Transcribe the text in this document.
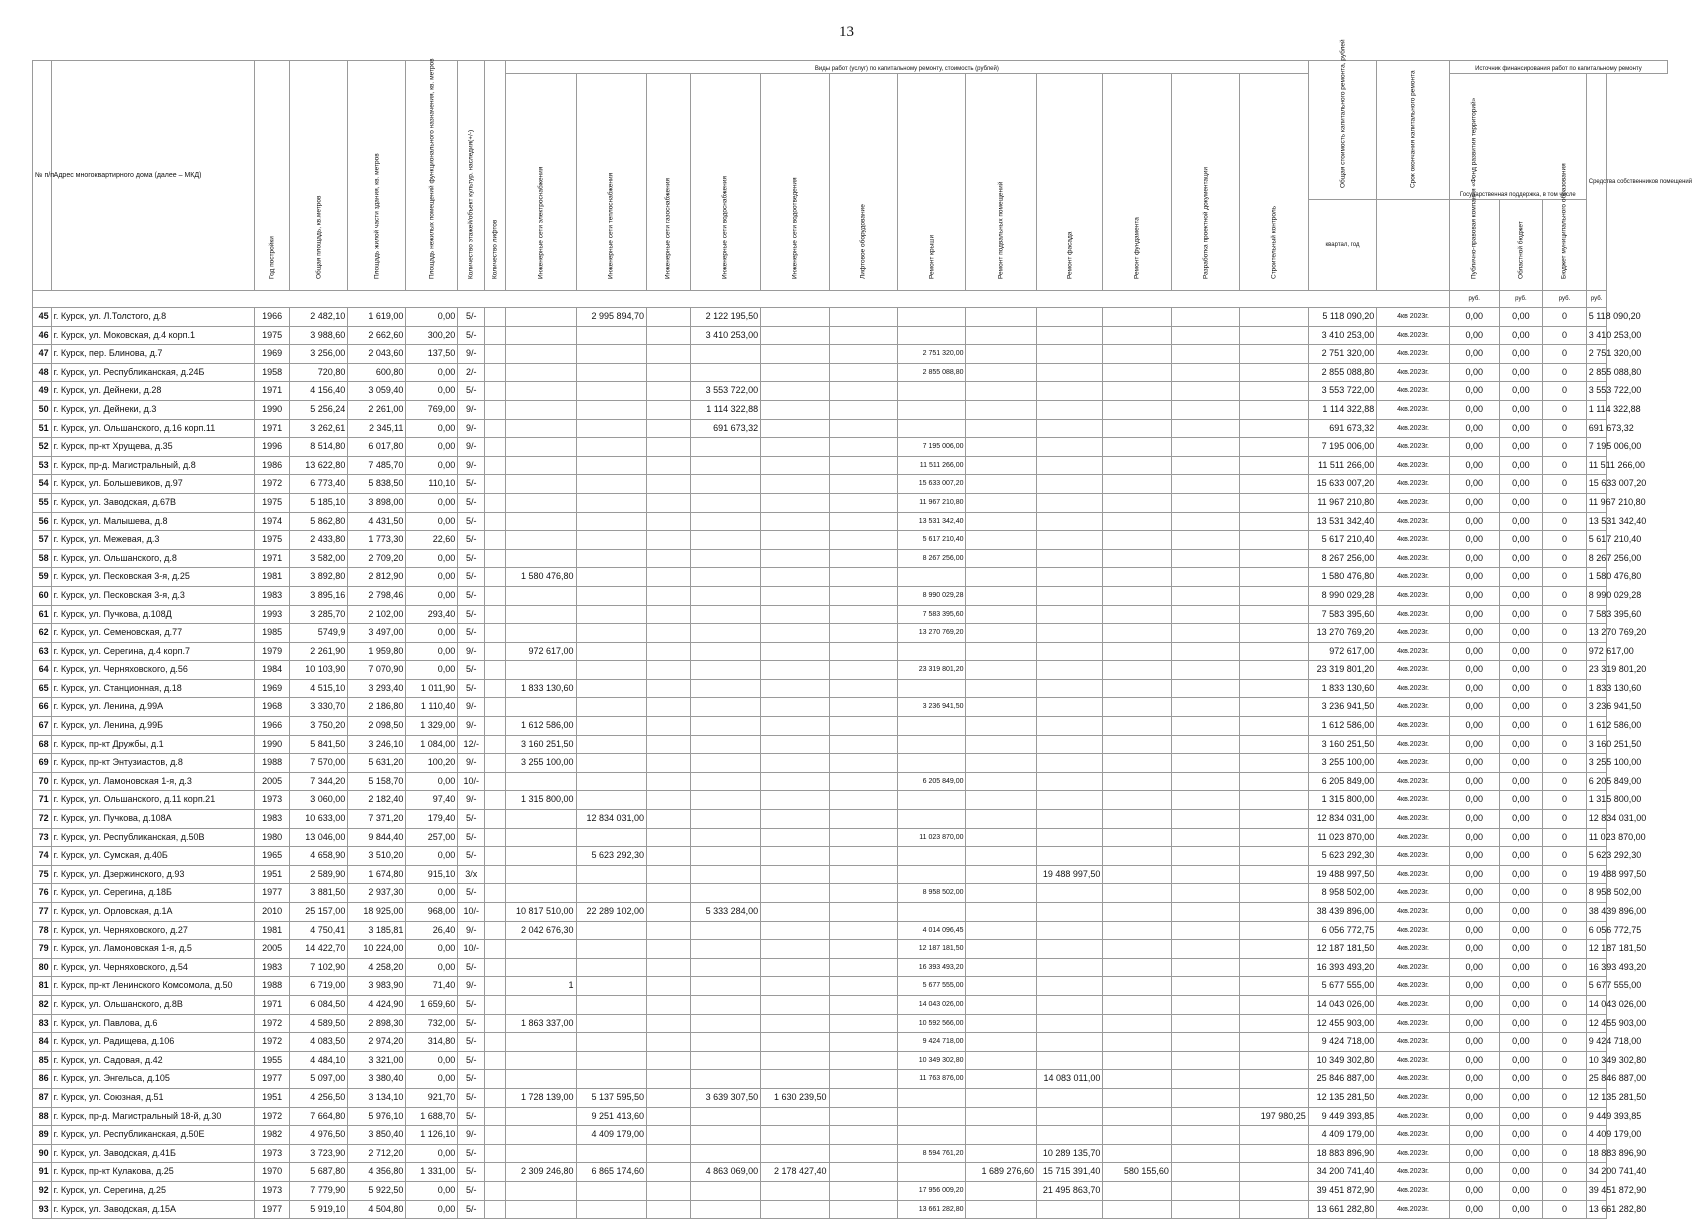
13
№ п/п	Адрес многоквартирного дома (далее – МКД)	Год постройки	Общая площадь, кв.метров	Площадь жилой части здания, кв. метров	Площадь нежилых помещений функционального назначения, кв. метров	Количество этажей/объект культур. наследия(+/-)	Количество лифтов	Виды работ (услуг) по капитальному ремонту, стоимость (рублей)												Общая стоимость капитального ремонта, рублей	Срок окончания капитального ремонта	Источник финансирования работ по капитальному ремонту			

								Инженерные сети электроснабжения	Инженерные сети теплоснабжения	Инженерные сети газоснабжения	Инженерные сети водоснабжения	Инженерные сети водоотведения	Лифтовое оборудование	Ремонт крыши	Ремонт подвальных помещений	Ремонт фасада	Ремонт фундамента	Разработка проектной документации	Строительный контроль			Государственная поддержка, в том числе			Средства собственников помещений
																				квартал, год		Публично-правовая компания «Фонд развития территорий»	Областной бюджет	Бюджет муниципального образования	

																						руб.	руб.	руб.	руб.
45	г. Курск, ул. Л.Толстого, д.8	1966	2 482,10	1 619,00	0,00	5/-			2 995 894,70		2 122 195,50									5 118 090,20	4кв 2023г.	0,00	0,00	0	5 118 090,20
46	г. Курск, ул. Моковская, д.4 корп.1	1975	3 988,60	2 662,60	300,20	5/-					3 410 253,00									3 410 253,00	4кв.2023г.	0,00	0,00	0	3 410 253,00
47	г. Курск, пер. Блинова, д.7	1969	3 256,00	2 043,60	137,50	9/-								2 751 320,00						2 751 320,00	4кв.2023г.	0,00	0,00	0	2 751 320,00
48	г. Курск, ул. Республиканская, д.24Б	1958	720,80	600,80	0,00	2/-								2 855 088,80						2 855 088,80	4кв.2023г.	0,00	0,00	0	2 855 088,80
49	г. Курск, ул. Дейнеки, д.28	1971	4 156,40	3 059,40	0,00	5/-					3 553 722,00									3 553 722,00	4кв.2023г.	0,00	0,00	0	3 553 722,00
50	г. Курск, ул. Дейнеки, д.3	1990	5 256,24	2 261,00	769,00	9/-					1 114 322,88									1 114 322,88	4кв.2023г.	0,00	0,00	0	1 114 322,88
51	г. Курск, ул. Ольшанского, д.16 корп.11	1971	3 262,61	2 345,11	0,00	9/-					691 673,32									691 673,32	4кв.2023г.	0,00	0,00	0	691 673,32
52	г. Курск, пр-кт Хрущева, д.35	1996	8 514,80	6 017,80	0,00	9/-								7 195 006,00						7 195 006,00	4кв.2023г.	0,00	0,00	0	7 195 006,00
53	г. Курск, пр-д. Магистральный, д.8	1986	13 622,80	7 485,70	0,00	9/-								11 511 266,00						11 511 266,00	4кв.2023г.	0,00	0,00	0	11 511 266,00
54	г. Курск, ул. Большевиков, д.97	1972	6 773,40	5 838,50	110,10	5/-								15 633 007,20						15 633 007,20	4кв.2023г.	0,00	0,00	0	15 633 007,20
55	г. Курск, ул. Заводская, д.67В	1975	5 185,10	3 898,00	0,00	5/-								11 967 210,80						11 967 210,80	4кв.2023г.	0,00	0,00	0	11 967 210,80
56	г. Курск, ул. Малышева, д.8	1974	5 862,80	4 431,50	0,00	5/-								13 531 342,40						13 531 342,40	4кв.2023г.	0,00	0,00	0	13 531 342,40
57	г. Курск, ул. Межевая, д.3	1975	2 433,80	1 773,30	22,60	5/-								5 617 210,40						5 617 210,40	4кв.2023г.	0,00	0,00	0	5 617 210,40
58	г. Курск, ул. Ольшанского, д.8	1971	3 582,00	2 709,20	0,00	5/-								8 267 256,00						8 267 256,00	4кв.2023г.	0,00	0,00	0	8 267 256,00
59	г. Курск, ул. Песковская 3-я, д.25	1981	3 892,80	2 812,90	0,00	5/-		1 580 476,80												1 580 476,80	4кв.2023г.	0,00	0,00	0	1 580 476,80
60	г. Курск, ул. Песковская 3-я, д.3	1983	3 895,16	2 798,46	0,00	5/-								8 990 029,28						8 990 029,28	4кв.2023г.	0,00	0,00	0	8 990 029,28
61	г. Курск, ул. Пучкова, д.108Д	1993	3 285,70	2 102,00	293,40	5/-								7 583 395,60						7 583 395,60	4кв.2023г.	0,00	0,00	0	7 583 395,60
62	г. Курск, ул. Семеновская, д.77	1985	5749,9	3 497,00	0,00	5/-								13 270 769,20						13 270 769,20	4кв.2023г.	0,00	0,00	0	13 270 769,20
63	г. Курск, ул. Серегина, д.4 корп.7	1979	2 261,90	1 959,80	0,00	9/-		972 617,00												972 617,00	4кв.2023г.	0,00	0,00	0	972 617,00
64	г. Курск, ул. Черняховского, д.56	1984	10 103,90	7 070,90	0,00	5/-								23 319 801,20						23 319 801,20	4кв.2023г.	0,00	0,00	0	23 319 801,20
65	г. Курск, ул. Станционная, д.18	1969	4 515,10	3 293,40	1 011,90	5/-		1 833 130,60												1 833 130,60	4кв.2023г.	0,00	0,00	0	1 833 130,60
66	г. Курск, ул. Ленина, д.99А	1968	3 330,70	2 186,80	1 110,40	9/-								3 236 941,50						3 236 941,50	4кв.2023г.	0,00	0,00	0	3 236 941,50
67	г. Курск, ул. Ленина, д.99Б	1966	3 750,20	2 098,50	1 329,00	9/-		1 612 586,00												1 612 586,00	4кв.2023г.	0,00	0,00	0	1 612 586,00
68	г. Курск, пр-кт Дружбы, д.1	1990	5 841,50	3 246,10	1 084,00	12/-		3 160 251,50												3 160 251,50	4кв.2023г.	0,00	0,00	0	3 160 251,50
69	г. Курск, пр-кт Энтузиастов, д.8	1988	7 570,00	5 631,20	100,20	9/-		3 255 100,00												3 255 100,00	4кв.2023г.	0,00	0,00	0	3 255 100,00
70	г. Курск, ул. Ламоновская 1-я, д.3	2005	7 344,20	5 158,70	0,00	10/-								6 205 849,00						6 205 849,00	4кв.2023г.	0,00	0,00	0	6 205 849,00
71	г. Курск, ул. Ольшанского, д.11 корп.21	1973	3 060,00	2 182,40	97,40	9/-		1 315 800,00												1 315 800,00	4кв.2023г.	0,00	0,00	0	1 315 800,00
72	г. Курск, ул. Пучкова, д.108А	1983	10 633,00	7 371,20	179,40	5/-			12 834 031,00											12 834 031,00	4кв.2023г.	0,00	0,00	0	12 834 031,00
73	г. Курск, ул. Республиканская, д.50В	1980	13 046,00	9 844,40	257,00	5/-								11 023 870,00						11 023 870,00	4кв.2023г.	0,00	0,00	0	11 023 870,00
74	г. Курск, ул. Сумская, д.40Б	1965	4 658,90	3 510,20	0,00	5/-			5 623 292,30											5 623 292,30	4кв.2023г.	0,00	0,00	0	5 623 292,30
75	г. Курск, ул. Дзержинского, д.93	1951	2 589,90	1 674,80	915,10	3/х										19 488 997,50				19 488 997,50	4кв.2023г.	0,00	0,00	0	19 488 997,50
76	г. Курск, ул. Серегина, д.18Б	1977	3 881,50	2 937,30	0,00	5/-								8 958 502,00						8 958 502,00	4кв.2023г.	0,00	0,00	0	8 958 502,00
77	г. Курск, ул. Орловская, д.1А	2010	25 157,00	18 925,00	968,00	10/-		10 817 510,00	22 289 102,00		5 333 284,00									38 439 896,00	4кв.2023г.	0,00	0,00	0	38 439 896,00
78	г. Курск, ул. Черняховского, д.27	1981	4 750,41	3 185,81	26,40	9/-		2 042 676,30						4 014 096,45						6 056 772,75	4кв.2023г.	0,00	0,00	0	6 056 772,75
79	г. Курск, ул. Ламоновская 1-я, д.5	2005	14 422,70	10 224,00	0,00	10/-								12 187 181,50						12 187 181,50	4кв.2023г.	0,00	0,00	0	12 187 181,50
80	г. Курск, ул. Черняховского, д.54	1983	7 102,90	4 258,20	0,00	5/-								16 393 493,20						16 393 493,20	4кв.2023г.	0,00	0,00	0	16 393 493,20
81	г. Курск, пр-кт Ленинского Комсомола, д.50	1988	6 719,00	3 983,90	71,40	9/-		1						5 677 555,00						5 677 555,00	4кв.2023г.	0,00	0,00	0	5 677 555,00
82	г. Курск, ул. Ольшанского, д.8В	1971	6 084,50	4 424,90	1 659,60	5/-								14 043 026,00						14 043 026,00	4кв.2023г.	0,00	0,00	0	14 043 026,00
83	г. Курск, ул. Павлова, д.6	1972	4 589,50	2 898,30	732,00	5/-		1 863 337,00						10 592 566,00						12 455 903,00	4кв.2023г.	0,00	0,00	0	12 455 903,00
84	г. Курск, ул. Радищева, д.106	1972	4 083,50	2 974,20	314,80	5/-								9 424 718,00						9 424 718,00	4кв.2023г.	0,00	0,00	0	9 424 718,00
85	г. Курск, ул. Садовая, д.42	1955	4 484,10	3 321,00	0,00	5/-								10 349 302,80						10 349 302,80	4кв.2023г.	0,00	0,00	0	10 349 302,80
86	г. Курск, ул. Энгельса, д.105	1977	5 097,00	3 380,40	0,00	5/-								11 763 876,00		14 083 011,00				25 846 887,00	4кв.2023г.	0,00	0,00	0	25 846 887,00
87	г. Курск, ул. Союзная, д.51	1951	4 256,50	3 134,10	921,70	5/-		1 728 139,00	5 137 595,50		3 639 307,50	1 630 239,50								12 135 281,50	4кв.2023г.	0,00	0,00	0	12 135 281,50
88	г. Курск, пр-д. Магистральный 18-й, д.30	1972	7 664,80	5 976,10	1 688,70	5/-			9 251 413,60										197 980,25	9 449 393,85	4кв.2023г.	0,00	0,00	0	9 449 393,85
89	г. Курск, ул. Республиканская, д.50Е	1982	4 976,50	3 850,40	1 126,10	9/-			4 409 179,00											4 409 179,00	4кв.2023г.	0,00	0,00	0	4 409 179,00
90	г. Курск, ул. Заводская, д.41Б	1973	3 723,90	2 712,20	0,00	5/-								8 594 761,20		10 289 135,70				18 883 896,90	4кв.2023г.	0,00	0,00	0	18 883 896,90
91	г. Курск, пр-кт Кулакова, д.25	1970	5 687,80	4 356,80	1 331,00	5/-		2 309 246,80	6 865 174,60		4 863 069,00	2 178 427,40			1 689 276,60	15 715 391,40	580 155,60			34 200 741,40	4кв.2023г.	0,00	0,00	0	34 200 741,40
92	г. Курск, ул. Серегина, д.25	1973	7 779,90	5 922,50	0,00	5/-								17 956 009,20		21 495 863,70				39 451 872,90	4кв.2023г.	0,00	0,00	0	39 451 872,90
93	г. Курск, ул. Заводская, д.15А	1977	5 919,10	4 504,80	0,00	5/-								13 661 282,80						13 661 282,80	4кв.2023г.	0,00	0,00	0	13 661 282,80
